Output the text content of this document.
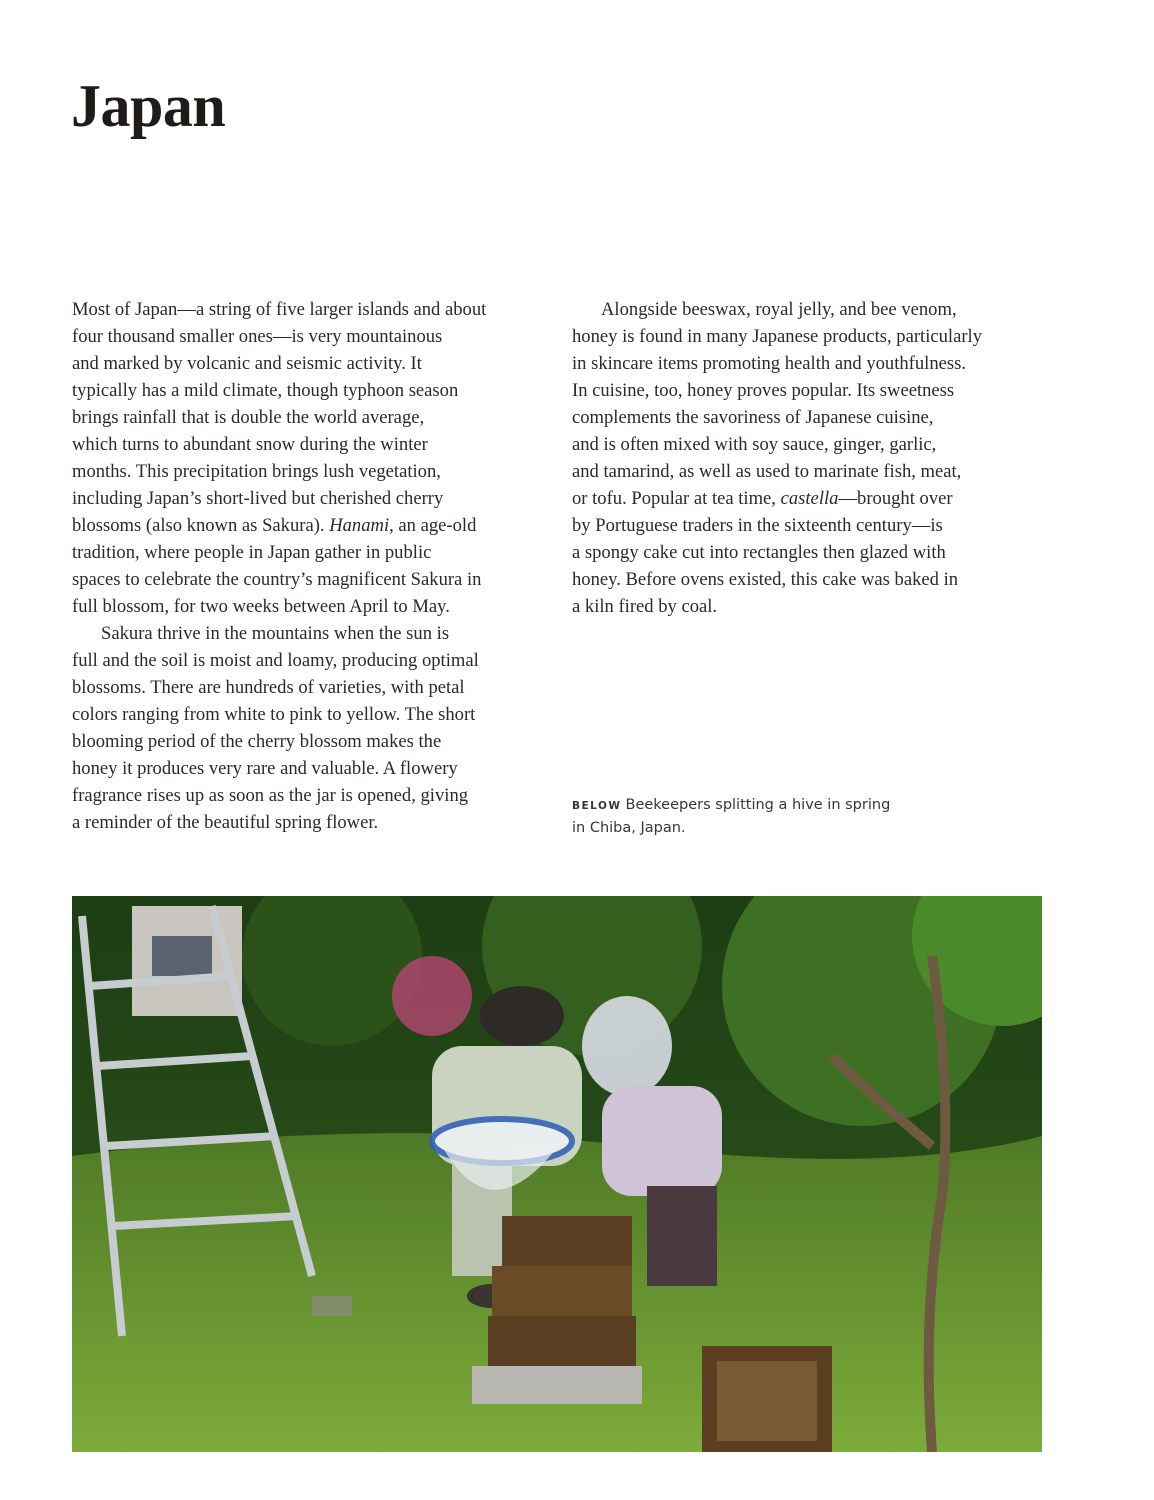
Japan
Most of Japan—a string of five larger islands and about
four thousand smaller ones—is very mountainous
and marked by volcanic and seismic activity. It
typically has a mild climate, though typhoon season
brings rainfall that is double the world average,
which turns to abundant snow during the winter
months. This precipitation brings lush vegetation,
including Japan’s short-lived but cherished cherry
blossoms (also known as Sakura). Hanami, an age-old
tradition, where people in Japan gather in public
spaces to celebrate the country’s magnificent Sakura in
full blossom, for two weeks between April to May.
Sakura thrive in the mountains when the sun is
full and the soil is moist and loamy, producing optimal
blossoms. There are hundreds of varieties, with petal
colors ranging from white to pink to yellow. The short
blooming period of the cherry blossom makes the
honey it produces very rare and valuable. A flowery
fragrance rises up as soon as the jar is opened, giving
a reminder of the beautiful spring flower.
Alongside beeswax, royal jelly, and bee venom,
honey is found in many Japanese products, particularly
in skincare items promoting health and youthfulness.
In cuisine, too, honey proves popular. Its sweetness
complements the savoriness of Japanese cuisine,
and is often mixed with soy sauce, ginger, garlic,
and tamarind, as well as used to marinate fish, meat,
or tofu. Popular at tea time, castella—brought over
by Portuguese traders in the sixteenth century—is
a spongy cake cut into rectangles then glazed with
honey. Before ovens existed, this cake was baked in
a kiln fired by coal.
BELOW Beekeepers splitting a hive in spring
in Chiba, Japan.
